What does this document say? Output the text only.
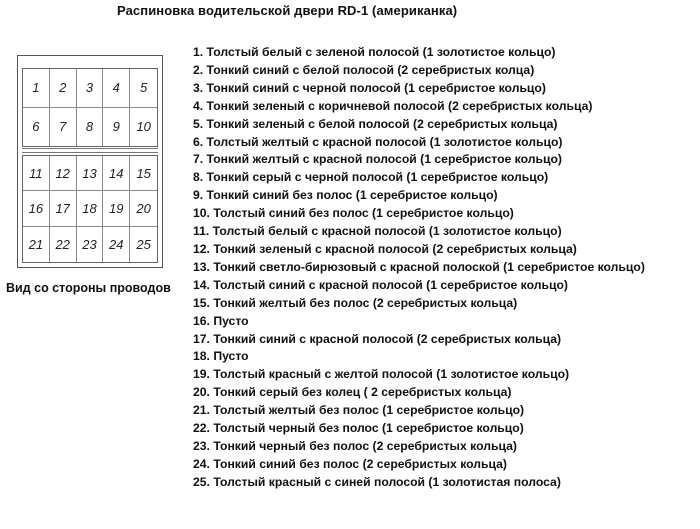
Распиновка водительской двери RD-1 (американка)
1	2	3	4	5
6	7	8	9	10
11 12 13 14 15
16 17 18 19 20
21 22 23 24 25
Вид со стороны проводов
1. Толстый белый с зеленой полосой (1 золотистое кольцо)
2. Тонкий синий с белой полосой (2 серебристых колца)
3. Тонкий синий с черной полосой (1 серебристое кольцо)
4. Тонкий зеленый с коричневой полосой (2 серебристых кольца)
5. Тонкий зеленый с белой полосой (2 серебристых кольца)
6. Толстый желтый с красной полосой (1 золотистое кольцо)
7. Тонкий желтый с красной полосой (1 серебристое кольцо)
8. Тонкий серый с черной полосой (1 серебристое кольцо)
9. Тонкий синий без полос (1 серебристое кольцо)
10. Толстый синий без полос (1 серебристое кольцо)
11. Толстый белый с красной полосой (1 золотистое кольцо)
12. Тонкий зеленый с красной полосой (2 серебристых кольца)
13. Тонкий светло-бирюзовый с красной полоской (1 серебристое кольцо)
14. Толстый синий с красной полосой (1 серебристое кольцо)
15. Тонкий желтый без полос (2 серебристых кольца)
16. Пусто
17. Тонкий синий с красной полосой (2 серебристых кольца)
18. Пусто
19. Толстый красный с желтой полосой (1 золотистое кольцо)
20. Тонкий серый без колец ( 2 серебристых кольца)
21. Толстый желтый без полос (1 серебристое кольцо)
22. Толстый черный без полос (1 серебристое кольцо)
23. Тонкий черный без полос (2 серебристых кольца)
24. Тонкий синий без полос (2 серебристых кольца)
25. Толстый красный с синей полосой (1 золотистая полоса)
